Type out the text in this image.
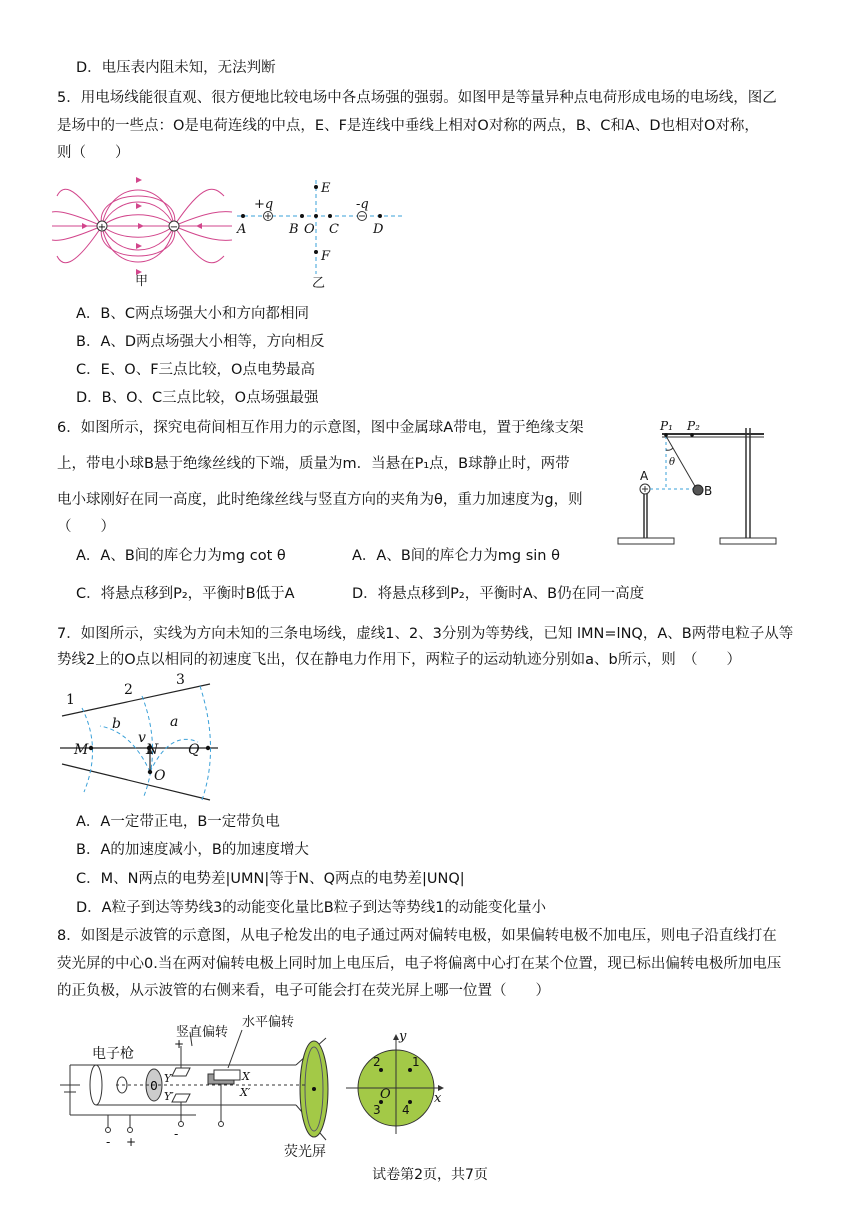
D．电压表内阻未知，无法判断
5．用电场线能很直观、很方便地比较电场中各点场强的强弱。如图甲是等量异种点电荷形成电场的电场线，图乙
是场中的一些点：O是电荷连线的中点，E、F是连线中垂线上相对O对称的两点，B、C和A、D也相对O对称，
则（　　）
+	−
甲
+q	-q
A	B O C	D
E
F
乙
A．B、C两点场强大小和方向都相同
B．A、D两点场强大小相等，方向相反
C．E、O、F三点比较，O点电势最高
D．B、O、C三点比较，O点场强最强
6．如图所示，探究电荷间相互作用力的示意图，图中金属球A带电，置于绝缘支架
上，带电小球B悬于绝缘丝线的下端，质量为m．当悬在P₁点，B球静止时，两带
电小球刚好在同一高度，此时绝缘丝线与竖直方向的夹角为θ，重力加速度为g，则
（　　）
P₁ P₂
θ
A
B
A．A、B间的库仑力为mg cot θ	A．A、B间的库仑力为mg sin θ
C．将悬点移到P₂，平衡时B低于A	D．将悬点移到P₂，平衡时A、B仍在同一高度
7．如图所示，实线为方向未知的三条电场线，虚线1、2、3分别为等势线，已知 lMN=lNQ，A、B两带电粒子从等
势线2上的O点以相同的初速度飞出，仅在静电力作用下，两粒子的运动轨迹分别如a、b所示，则　（　　）
M	N Q
O
v
b	a
1
2
3
A．A一定带正电，B一定带负电
B．A的加速度减小，B的加速度增大
C．M、N两点的电势差|UMN|等于N、Q两点的电势差|UNQ|
D．A粒子到达等势线3的动能变化量比B粒子到达等势线1的动能变化量小
8．如图是示波管的示意图，从电子枪发出的电子通过两对偏转电极，如果偏转电极不加电压，则电子沿直线打在
荧光屏的中心0.当在两对偏转电极上同时加上电压后，电子将偏离中心打在某个位置，现已标出偏转电极所加电压
的正负极，从示波管的右侧来看，电子可能会打在荧光屏上哪一位置（　　）
0
2	1
3 4
O	x
y
Y
Y′
X
X′
电子枪
竖直偏转
水平偏转
荧光屏
+
-
- +
试卷第2页，共7页
